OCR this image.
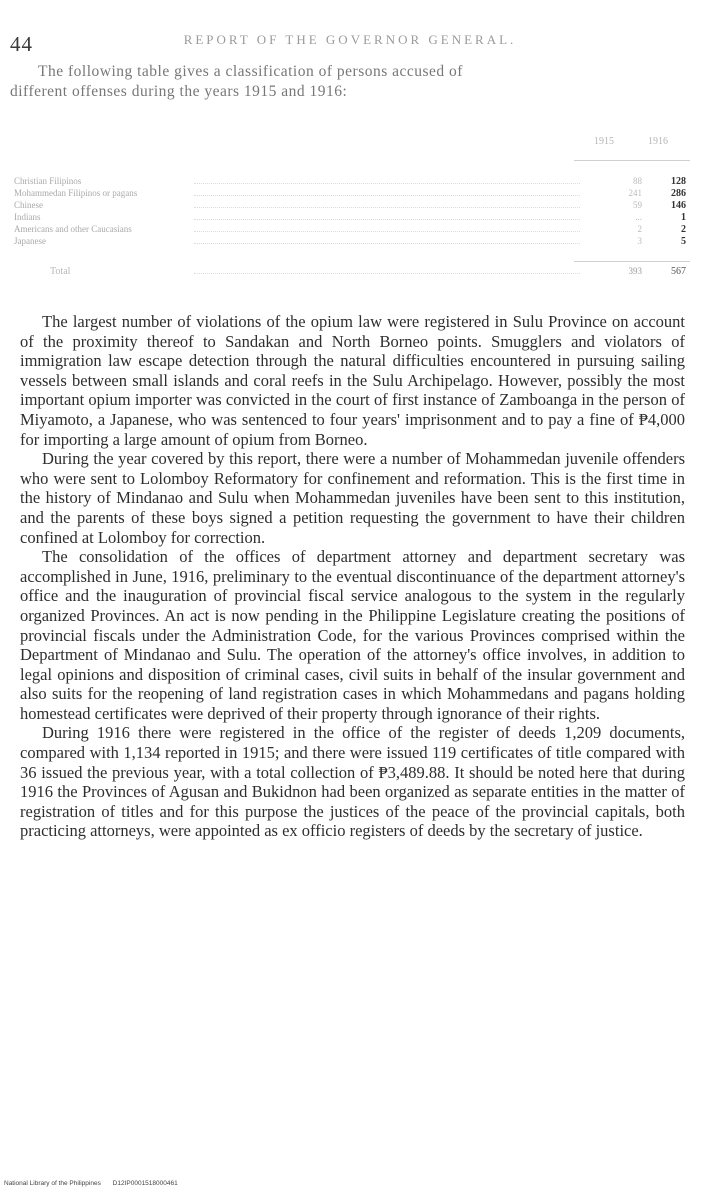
44	REPORT OF THE GOVERNOR GENERAL.

The following table gives a classification of persons accused of
different offenses during the years 1915 and 1916:

1915	1916
Christian Filipinos	88	128
Mohammedan Filipinos or pagans	241	286
Chinese	59	146
Indians	...	1
Americans and other Caucasians	2	2
Japanese	3	5
Total	393	567

The largest number of violations of the opium law were registered in Sulu Province on account of the proximity thereof to Sandakan and North Borneo points. Smugglers and violators of immigration law escape detection through the natural difficulties encountered in pursuing sailing vessels between small islands and coral reefs in the Sulu Archipelago. However, possibly the most important opium importer was convicted in the court of first instance of Zamboanga in the person of Miyamoto, a Japanese, who was sentenced to four years' imprisonment and to pay a fine of ₱4,000 for importing a large amount of opium from Borneo.

During the year covered by this report, there were a number of Mohammedan juvenile offenders who were sent to Lolomboy Reformatory for confinement and reformation. This is the first time in the history of Mindanao and Sulu when Mohammedan juveniles have been sent to this institution, and the parents of these boys signed a petition requesting the government to have their children confined at Lolomboy for correction.

The consolidation of the offices of department attorney and department secretary was accomplished in June, 1916, preliminary to the eventual discontinuance of the department attorney's office and the inauguration of provincial fiscal service analogous to the system in the regularly organized Provinces. An act is now pending in the Philippine Legislature creating the positions of provincial fiscals under the Administration Code, for the various Provinces comprised within the Department of Mindanao and Sulu. The operation of the attorney's office involves, in addition to legal opinions and disposition of criminal cases, civil suits in behalf of the insular government and also suits for the reopening of land registration cases in which Mohammedans and pagans holding homestead certificates were deprived of their property through ignorance of their rights.

During 1916 there were registered in the office of the register of deeds 1,209 documents, compared with 1,134 reported in 1915; and there were issued 119 certificates of title compared with 36 issued the previous year, with a total collection of ₱3,489.88. It should be noted here that during 1916 the Provinces of Agusan and Bukidnon had been organized as separate entities in the matter of registration of titles and for this purpose the justices of the peace of the provincial capitals, both practicing attorneys, were appointed as ex officio registers of deeds by the secretary of justice.

National Library of the Philippines D12IP0001518000461
